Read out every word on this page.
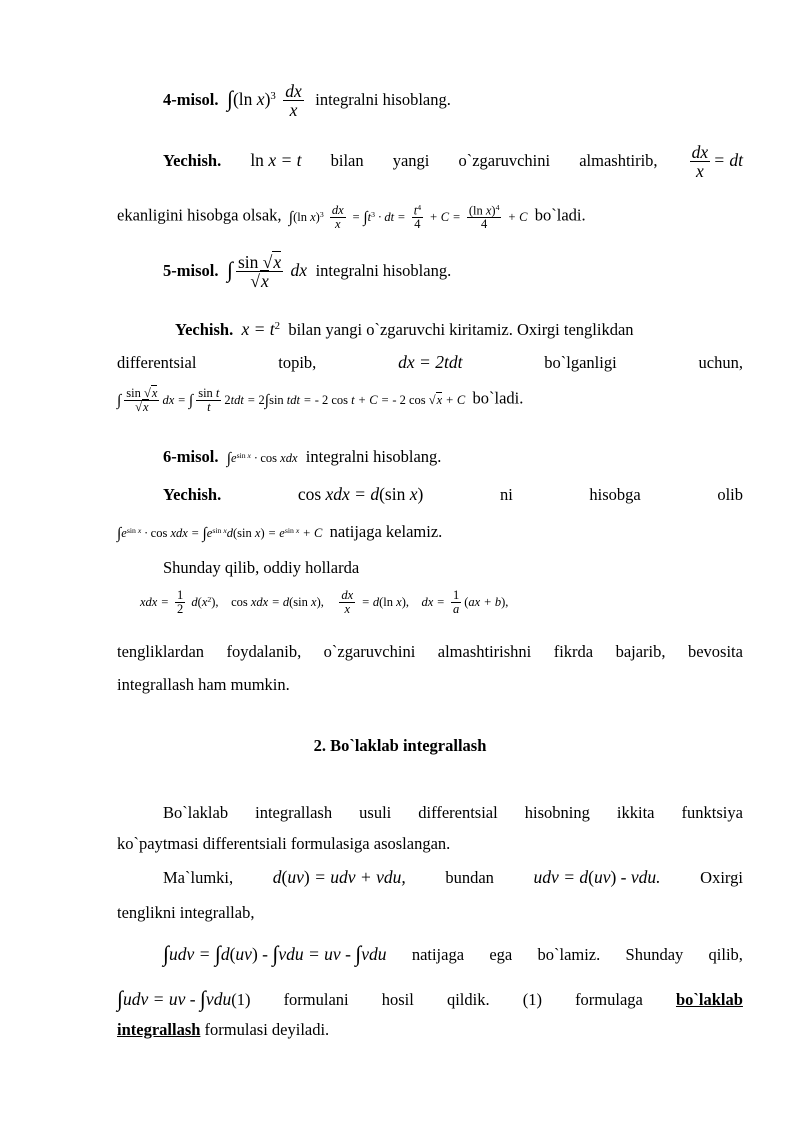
4-misol. ∫(ln $x)^3 \frac{dx}{x}$ integralni hisoblang.
Yechish. ln x = t bilan yangi o`zgaruvchini almashtirib, $\frac{dx}{x}$ = dt
ekanligini hisobga olsak, ∫(ln $x)^3 \frac{dx}{x} = \int t^3$ · dt = $\frac{t^4}{4} + C = \frac{(\ln x)^4}{4} + C$  bo`ladi.
5-misol. ∫ $\frac{\sin √x}{√x}$ dx  integralni hisoblang.
Yechish. $x = t^2$ bilan yangi o`zgaruvchi kiritamiz. Oxirgi tenglikdan
differentsial	topib,	dx = 2tdt	bo`lganligi	uchun,
∫ $\frac{\sin √x}{√x}$ dx = ∫ $\frac{\text{sin t}}{t} 2tdt = 2\int\sin$ tdt = - 2 cos t + C = - 2 cos √x + C  bo`ladi.
6-misol. $\int e^{sin x} \cdot \cos$ xdx integralni hisoblang.
Yechish.	cos xdx = d(sin x)	ni	hisobga	olib
$\int e^{sin x} \cdot \cos$ xdx = $\int e^{sin x}d(\sin$ $x) = e^{sin x} + C$  natijaga kelamiz.
Shunday qilib, oddiy hollarda
xdx = $\frac{1}{2} d(x^2)$, cos xdx = d(sin x), $\frac{dx}{x} = d(\ln$ x),    dx = $\frac{1}{a} (ax + b)$,
tengliklardan foydalanib, o`zgaruvchini almashtirishni fikrda bajarib, bevosita
integrallash ham mumkin.
2. Bo`laklab integrallash
Bo`laklab integrallash usuli differentsial hisobning ikkita funktsiya
ko`paytmasi differentsiali formulasiga asoslangan.
Ma`lumki, d(uv) = udv + vdu, bundan udv = d(uv) - vdu. Oxirgi
tenglikni integrallab,
∫udv = ∫d(uv) - ∫vdu = uv - ∫vdu natijaga ega bo`lamiz. Shunday qilib,
∫udv = uv - ∫vdu(1) formulani hosil qildik. (1) formulaga bo`laklab
integrallash formulasi deyiladi.
